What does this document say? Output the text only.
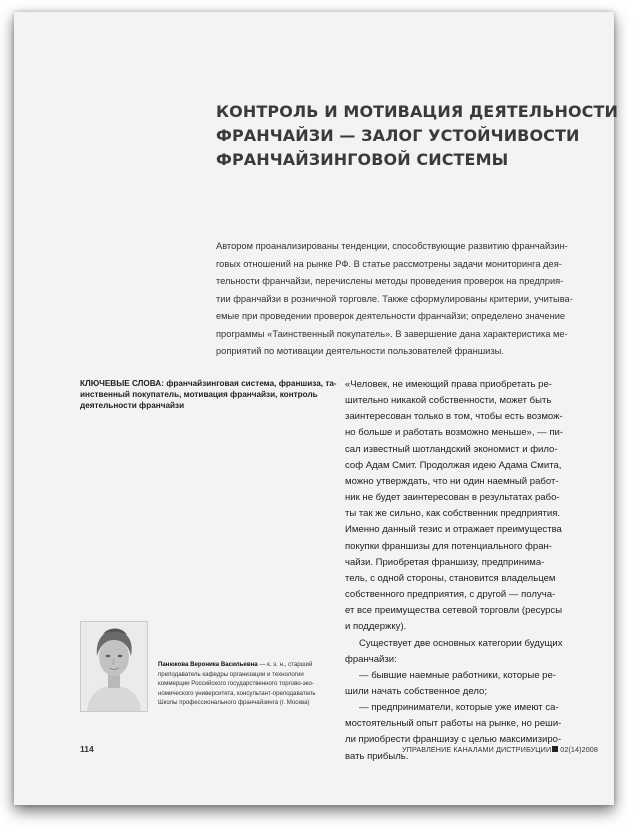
КОНТРОЛЬ И МОТИВАЦИЯ ДЕЯТЕЛЬНОСТИ
ФРАНЧАЙЗИ — ЗАЛОГ УСТОЙЧИВОСТИ
ФРАНЧАЙЗИНГОВОЙ СИСТЕМЫ
Автором проанализированы тенденции, способствующие развитию франчайзин-
говых отношений на рынке РФ. В статье рассмотрены задачи мониторинга дея-
тельности франчайзи, перечислены методы проведения проверок на предприя-
тии франчайзи в розничной торговле. Также сформулированы критерии, учитыва-
емые при проведении проверок деятельности франчайзи; определено значение
программы «Таинственный покупатель». В завершение дана характеристика ме-
роприятий по мотивации деятельности пользователей франшизы.
КЛЮЧЕВЫЕ СЛОВА: франчайзинговая система, франшиза, та-
инственный покупатель, мотивация франчайзи, контроль
деятельности франчайзи
«Человек, не имеющий права приобретать ре-
шительно никакой собственности, может быть
заинтересован только в том, чтобы есть возмож-
но больше и работать возможно меньше», — пи-
сал известный шотландский экономист и фило-
соф Адам Смит. Продолжая идею Адама Смита,
можно утверждать, что ни один наемный работ-
ник не будет заинтересован в результатах рабо-
ты так же сильно, как собственник предприятия.
Именно данный тезис и отражает преимущества
покупки франшизы для потенциального фран-
чайзи. Приобретая франшизу, предпринима-
тель, с одной стороны, становится владельцем
собственного предприятия, с другой — получа-
ет все преимущества сетевой торговли (ресурсы
и поддержку).
Существует две основных категории будущих
франчайзи:
— бывшие наемные работники, которые ре-
шили начать собственное дело;
— предприниматели, которые уже имеют са-
мостоятельный опыт работы на рынке, но реши-
ли приобрести франшизу с целью максимизиро-
вать прибыль.
Панюкова Вероника Васильевна — к. э. н., старший
преподаватель кафедры организации и технологии
коммерции Российского государственного торгово-эко-
номического университета, консультант-преподаватель
Школы профессионального франчайзинга (г. Москва)
114	УПРАВЛЕНИЕ КАНАЛАМИ ДИСТРИБУЦИИ 02(14)2008
